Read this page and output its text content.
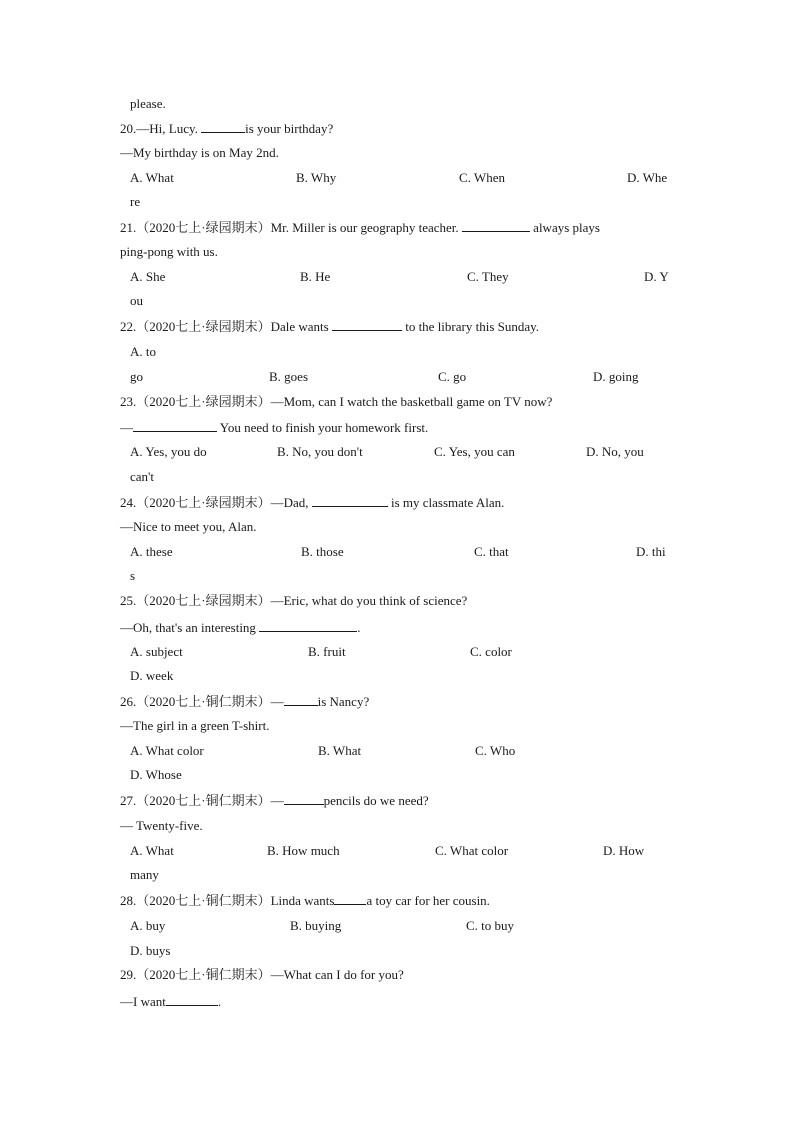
please.
20.—Hi, Lucy.	is your birthday?
—My birthday is on May 2nd.
A. What	B. Why	C. When	D. Whe
re
21.（2020七上·绿园期末）Mr. Miller is our geography teacher.	always plays
ping-pong with us.
A. She	B. He	C. They	D. Y
ou
22.（2020七上·绿园期末）Dale wants	to the library this Sunday.
A. to
go	B. goes	C. go	D. going
23.（2020七上·绿园期末）—Mom, can I watch the basketball game on TV now?
—	You need to finish your homework first.
A. Yes, you do	B. No, you don't	C. Yes, you can	D. No, you
can't
24.（2020七上·绿园期末）—Dad,	is my classmate Alan.
—Nice to meet you, Alan.
A. these	B. those	C. that	D. thi
s
25.（2020七上·绿园期末）—Eric, what do you think of science?
—Oh, that's an interesting	.
A. subject	B. fruit	C. color
D. week
26.（2020七上·铜仁期末）—	is Nancy?
—The girl in a green T-shirt.
A. What color	B. What	C. Who
D. Whose
27.（2020七上·铜仁期末）—	pencils do we need?
— Twenty-five.
A. What	B. How much	C. What color	D. How
many
28.（2020七上·铜仁期末）Linda wants a toy car for her cousin.
A. buy	B. buying	C. to buy
D. buys
29.（2020七上·铜仁期末）—What can I do for you?
—I want	.
